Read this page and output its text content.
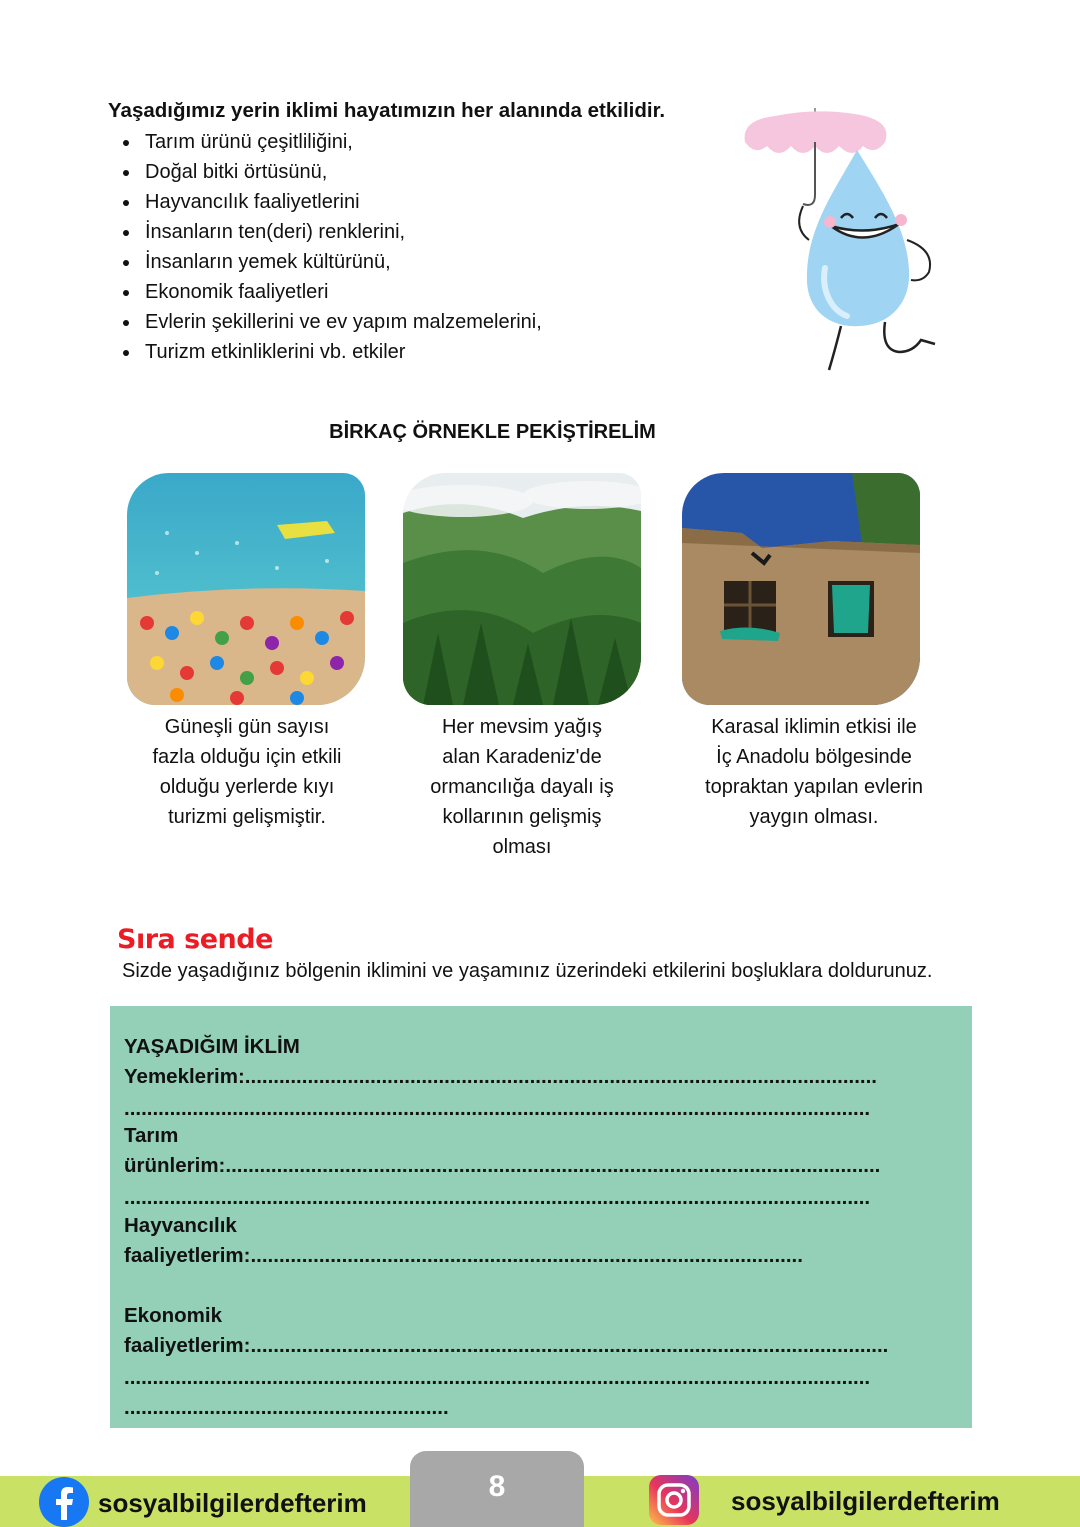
Yaşadığımız yerin iklimi hayatımızın her alanında etkilidir.
Tarım ürünü çeşitliliğini,
Doğal bitki örtüsünü,
Hayvancılık faaliyetlerini
İnsanların ten(deri) renklerini,
İnsanların yemek kültürünü,
Ekonomik faaliyetleri
Evlerin şekillerini ve ev yapım malzemelerini,
Turizm etkinliklerini vb. etkiler
BİRKAÇ ÖRNEKLE PEKİŞTİRELİM
Güneşli gün sayısı
fazla olduğu için etkili
olduğu yerlerde kıyı
turizmi gelişmiştir.
Her mevsim yağış
alan Karadeniz'de
ormancılığa dayalı iş
kollarının gelişmiş
olması
Karasal iklimin etkisi ile
İç Anadolu bölgesinde
topraktan yapılan evlerin
yaygın olması.
Sıra sende
Sizde yaşadığınız bölgenin iklimini ve yaşamınız üzerindeki etkilerini boşluklara doldurunuz.
YAŞADIĞIM İKLİM
Yemeklerim:...............................................................................................................
...................................................................................................................................
Tarım
ürünlerim:...................................................................................................................
...................................................................................................................................
Hayvancılık
faaliyetlerim:.................................................................................................
Ekonomik
faaliyetlerim:................................................................................................................
...................................................................................................................................
.........................................................
8
sosyalbilgilerdefterim	sosyalbilgilerdefterim
